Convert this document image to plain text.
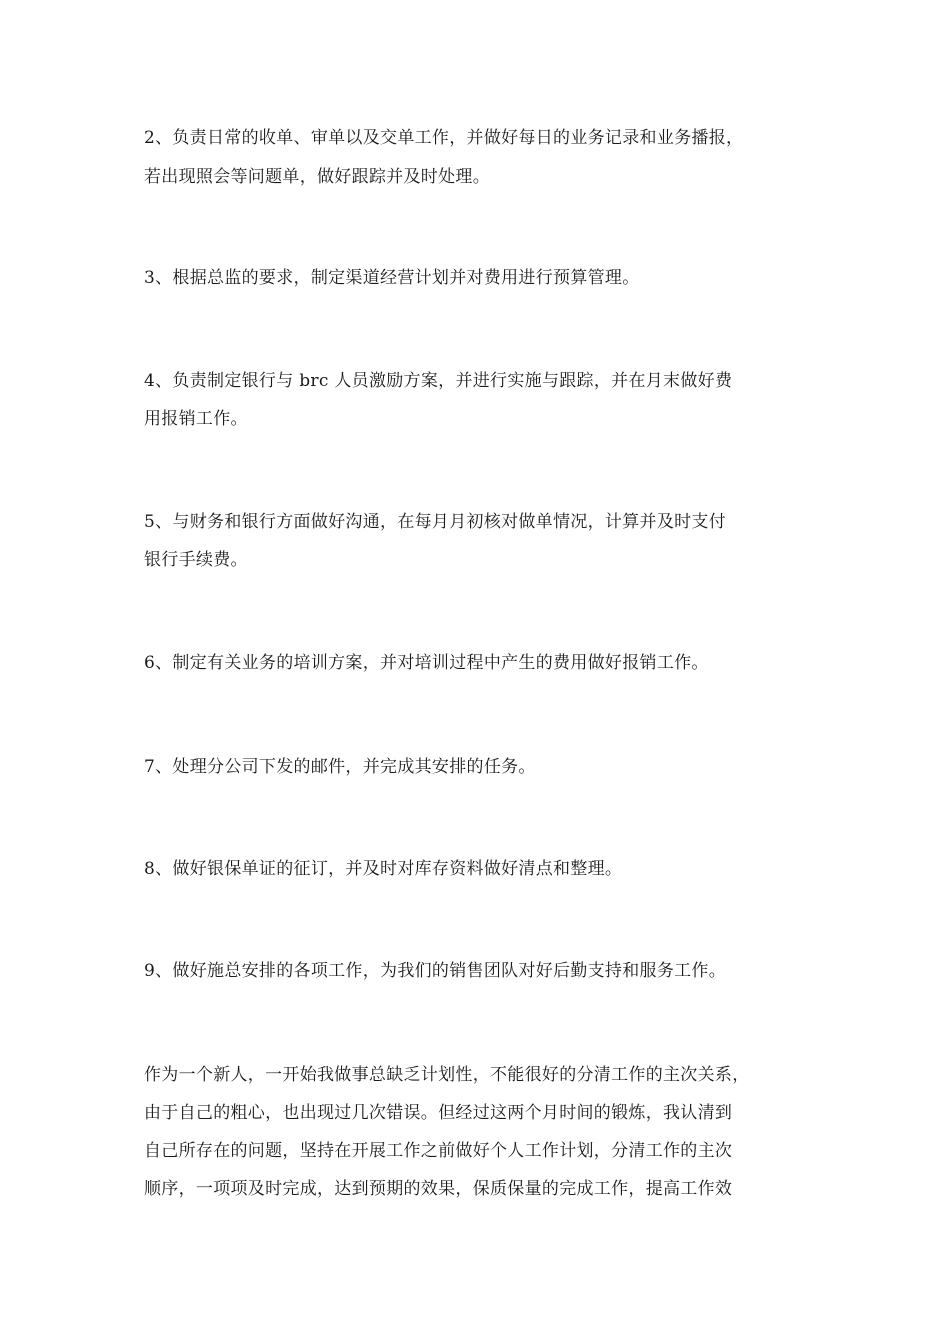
2、负责日常的收单、审单以及交单工作，并做好每日的业务记录和业务播报，
若出现照会等问题单，做好跟踪并及时处理。
3、根据总监的要求，制定渠道经营计划并对费用进行预算管理。
4、负责制定银行与 brc 人员激励方案，并进行实施与跟踪，并在月末做好费
用报销工作。
5、与财务和银行方面做好沟通，在每月月初核对做单情况，计算并及时支付
银行手续费。
6、制定有关业务的培训方案，并对培训过程中产生的费用做好报销工作。
7、处理分公司下发的邮件，并完成其安排的任务。
8、做好银保单证的征订，并及时对库存资料做好清点和整理。
9、做好施总安排的各项工作，为我们的销售团队对好后勤支持和服务工作。
作为一个新人，一开始我做事总缺乏计划性，不能很好的分清工作的主次关系，
由于自己的粗心，也出现过几次错误。但经过这两个月时间的锻炼，我认清到
自己所存在的问题，坚持在开展工作之前做好个人工作计划，分清工作的主次
顺序，一项项及时完成，达到预期的效果，保质保量的完成工作，提高工作效
